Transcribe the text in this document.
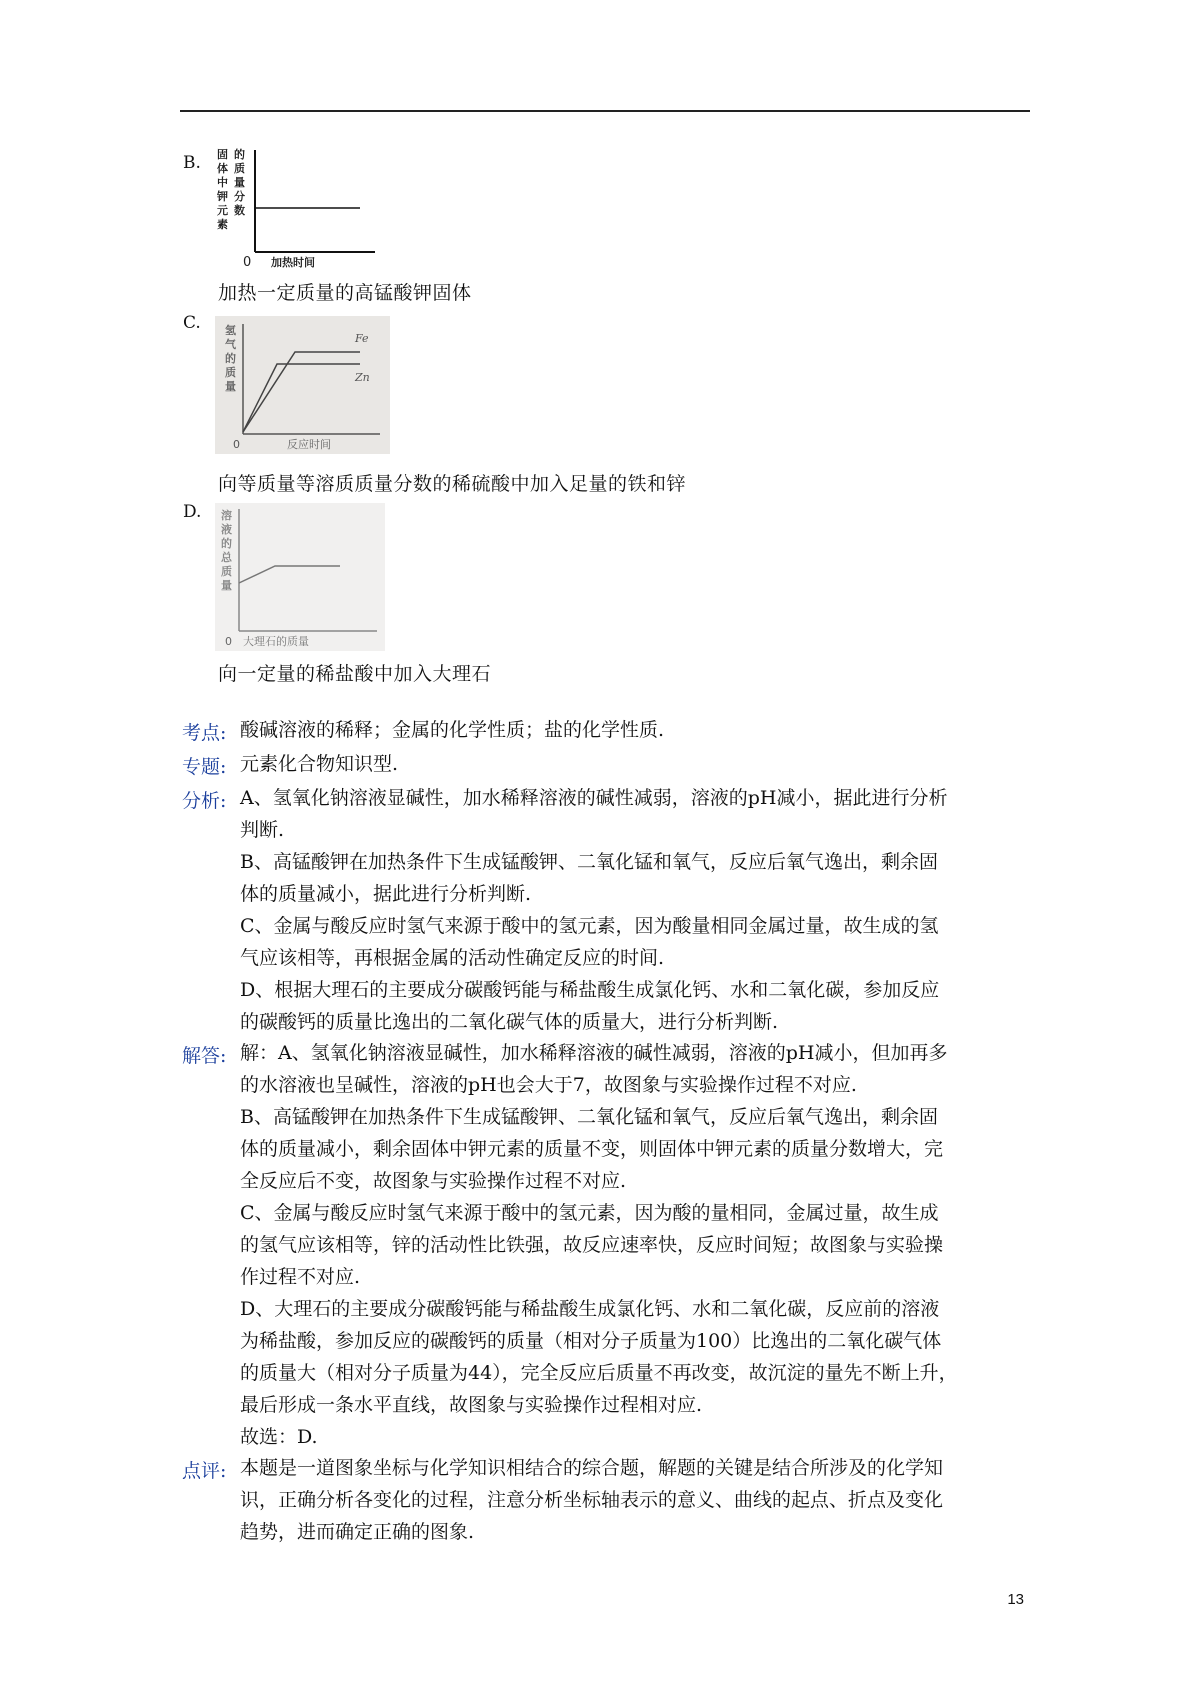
B.
0 加热时间
固
体
中
钾
元
素
的
质
量
分
数
加热一定质量的高锰酸钾固体
C.
Fe
Zn
0	反应时间
氢
气
的
质
量
向等质量等溶质质量分数的稀硫酸中加入足量的铁和锌
D.
0 大理石的质量
溶
液
的
总
质
量
向一定量的稀盐酸中加入大理石
考点: 酸碱溶液的稀释；金属的化学性质；盐的化学性质.
专题: 元素化合物知识型.
分析: A、氢氧化钠溶液显碱性，加水稀释溶液的碱性减弱，溶液的pH减小，据此进行分析
判断.
B、高锰酸钾在加热条件下生成锰酸钾、二氧化锰和氧气，反应后氧气逸出，剩余固
体的质量减小，据此进行分析判断.
C、金属与酸反应时氢气来源于酸中的氢元素，因为酸量相同金属过量，故生成的氢
气应该相等，再根据金属的活动性确定反应的时间.
D、根据大理石的主要成分碳酸钙能与稀盐酸生成氯化钙、水和二氧化碳，参加反应
的碳酸钙的质量比逸出的二氧化碳气体的质量大，进行分析判断.
解答: 解：A、氢氧化钠溶液显碱性，加水稀释溶液的碱性减弱，溶液的pH减小，但加再多
的水溶液也呈碱性，溶液的pH也会大于7，故图象与实验操作过程不对应.
B、高锰酸钾在加热条件下生成锰酸钾、二氧化锰和氧气，反应后氧气逸出，剩余固
体的质量减小，剩余固体中钾元素的质量不变，则固体中钾元素的质量分数增大，完
全反应后不变，故图象与实验操作过程不对应.
C、金属与酸反应时氢气来源于酸中的氢元素，因为酸的量相同，金属过量，故生成
的氢气应该相等，锌的活动性比铁强，故反应速率快，反应时间短；故图象与实验操
作过程不对应.
D、大理石的主要成分碳酸钙能与稀盐酸生成氯化钙、水和二氧化碳，反应前的溶液
为稀盐酸，参加反应的碳酸钙的质量（相对分子质量为100）比逸出的二氧化碳气体
的质量大（相对分子质量为44），完全反应后质量不再改变，故沉淀的量先不断上升，
最后形成一条水平直线，故图象与实验操作过程相对应.
故选：D.
点评: 本题是一道图象坐标与化学知识相结合的综合题，解题的关键是结合所涉及的化学知
识，正确分析各变化的过程，注意分析坐标轴表示的意义、曲线的起点、折点及变化
趋势，进而确定正确的图象.
13
